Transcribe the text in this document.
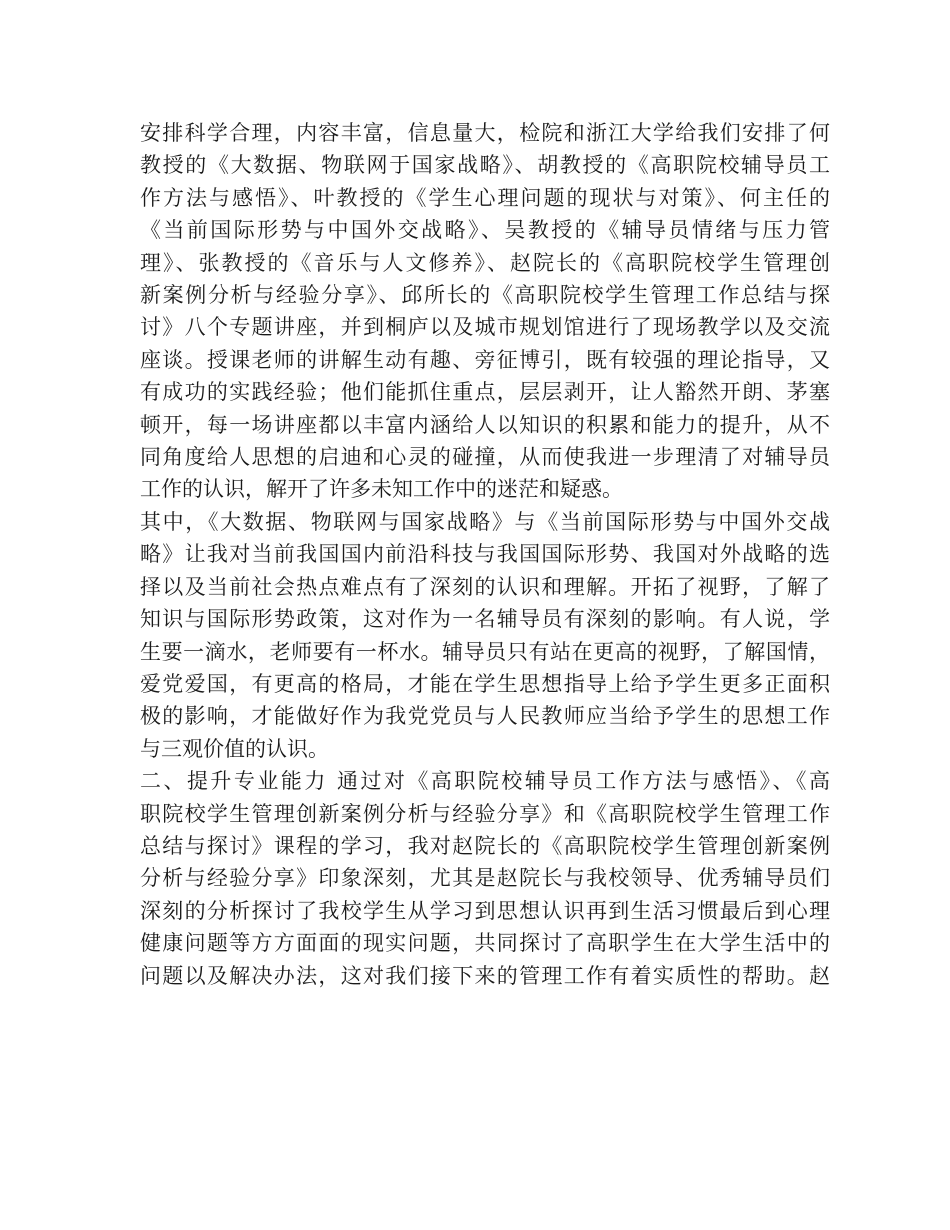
安排科学合理，内容丰富，信息量大，检院和浙江大学给我们安排了何
教授的《大数据、物联网于国家战略》、胡教授的《高职院校辅导员工
作方法与感悟》、叶教授的《学生心理问题的现状与对策》、何主任的
《当前国际形势与中国外交战略》、吴教授的《辅导员情绪与压力管
理》、张教授的《音乐与人文修养》、赵院长的《高职院校学生管理创
新案例分析与经验分享》、邱所长的《高职院校学生管理工作总结与探
讨》八个专题讲座，并到桐庐以及城市规划馆进行了现场教学以及交流
座谈。授课老师的讲解生动有趣、旁征博引，既有较强的理论指导，又
有成功的实践经验；他们能抓住重点，层层剥开，让人豁然开朗、茅塞
顿开，每一场讲座都以丰富内涵给人以知识的积累和能力的提升，从不
同角度给人思想的启迪和心灵的碰撞，从而使我进一步理清了对辅导员
工作的认识，解开了许多未知工作中的迷茫和疑惑。
其中，《大数据、物联网与国家战略》与《当前国际形势与中国外交战
略》让我对当前我国国内前沿科技与我国国际形势、我国对外战略的选
择以及当前社会热点难点有了深刻的认识和理解。开拓了视野，了解了
知识与国际形势政策，这对作为一名辅导员有深刻的影响。有人说，学
生要一滴水，老师要有一杯水。辅导员只有站在更高的视野，了解国情，
爱党爱国，有更高的格局，才能在学生思想指导上给予学生更多正面积
极的影响，才能做好作为我党党员与人民教师应当给予学生的思想工作
与三观价值的认识。
二、提升专业能力 通过对《高职院校辅导员工作方法与感悟》、《高
职院校学生管理创新案例分析与经验分享》和《高职院校学生管理工作
总结与探讨》课程的学习，我对赵院长的《高职院校学生管理创新案例
分析与经验分享》印象深刻，尤其是赵院长与我校领导、优秀辅导员们
深刻的分析探讨了我校学生从学习到思想认识再到生活习惯最后到心理
健康问题等方方面面的现实问题，共同探讨了高职学生在大学生活中的
问题以及解决办法，这对我们接下来的管理工作有着实质性的帮助。赵
